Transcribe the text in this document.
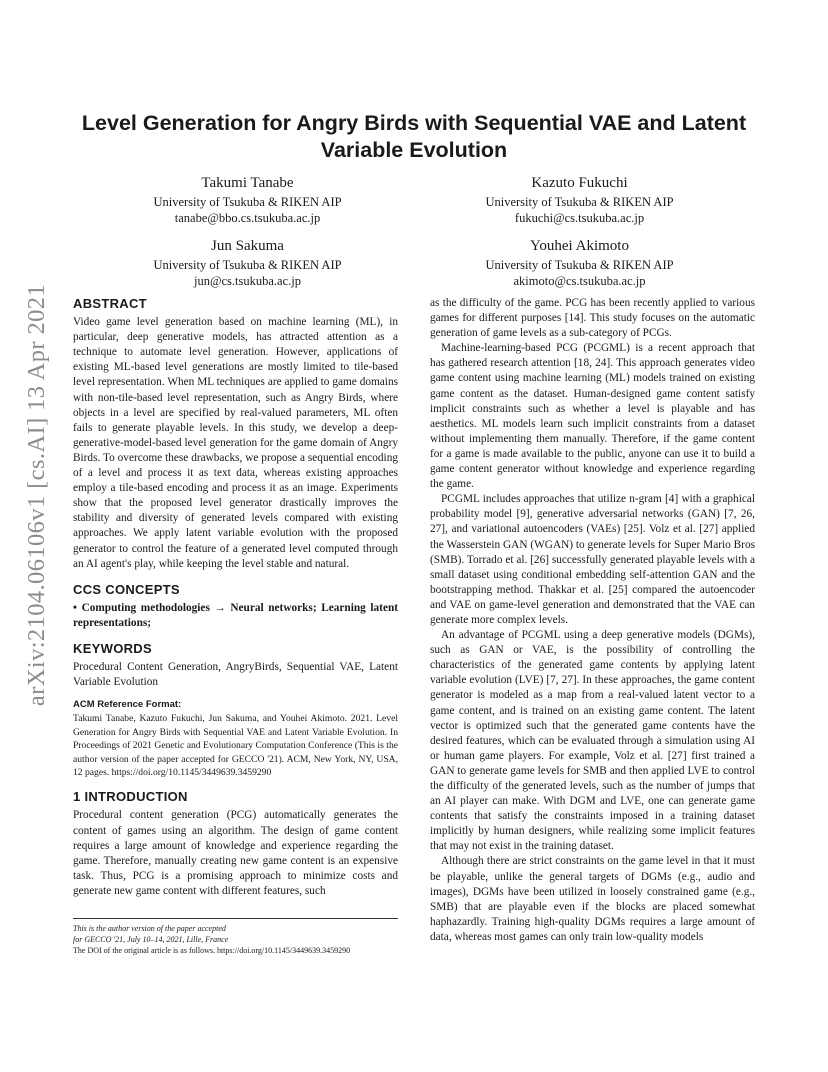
arXiv:2104.06106v1 [cs.AI] 13 Apr 2021
Level Generation for Angry Birds with Sequential VAE and Latent Variable Evolution
Takumi Tanabe
University of Tsukuba & RIKEN AIP
tanabe@bbo.cs.tsukuba.ac.jp
Kazuto Fukuchi
University of Tsukuba & RIKEN AIP
fukuchi@cs.tsukuba.ac.jp
Jun Sakuma
University of Tsukuba & RIKEN AIP
jun@cs.tsukuba.ac.jp
Youhei Akimoto
University of Tsukuba & RIKEN AIP
akimoto@cs.tsukuba.ac.jp
ABSTRACT

Video game level generation based on machine learning (ML), in particular, deep generative models, has attracted attention as a technique to automate level generation. However, applications of existing ML-based level generations are mostly limited to tile-based level representation. When ML techniques are applied to game domains with non-tile-based level representation, such as Angry Birds, where objects in a level are specified by real-valued parameters, ML often fails to generate playable levels. In this study, we develop a deep-generative-model-based level generation for the game domain of Angry Birds. To overcome these drawbacks, we propose a sequential encoding of a level and process it as text data, whereas existing approaches employ a tile-based encoding and process it as an image. Experiments show that the proposed level generator drastically improves the stability and diversity of generated levels compared with existing approaches. We apply latent variable evolution with the proposed generator to control the feature of a generated level computed through an AI agent's play, while keeping the level stable and natural.

CCS CONCEPTS

• Computing methodologies → Neural networks; Learning latent representations;

KEYWORDS

Procedural Content Generation, AngryBirds, Sequential VAE, Latent Variable Evolution

ACM Reference Format:

Takumi Tanabe, Kazuto Fukuchi, Jun Sakuma, and Youhei Akimoto. 2021. Level Generation for Angry Birds with Sequential VAE and Latent Variable Evolution. In Proceedings of 2021 Genetic and Evolutionary Computation Conference (This is the author version of the paper accepted for GECCO '21). ACM, New York, NY, USA, 12 pages. https://doi.org/10.1145/3449639.3459290

1 INTRODUCTION

Procedural content generation (PCG) automatically generates the content of games using an algorithm. The design of game content requires a large amount of knowledge and experience regarding the game. Therefore, manually creating new game content is an expensive task. Thus, PCG is a promising approach to minimize costs and generate new game content with different features, such

This is the author version of the paper accepted
for GECCO '21, July 10–14, 2021, Lille, France
The DOI of the original article is as follows. https://doi.org/10.1145/3449639.3459290

as the difficulty of the game. PCG has been recently applied to various games for different purposes [14]. This study focuses on the automatic generation of game levels as a sub-category of PCGs.

Machine-learning-based PCG (PCGML) is a recent approach that has gathered research attention [18, 24]. This approach generates video game content using machine learning (ML) models trained on existing game content as the dataset. Human-designed game content satisfy implicit constraints such as whether a level is playable and has aesthetics. ML models learn such implicit constraints from a dataset without implementing them manually. Therefore, if the game content for a game is made available to the public, anyone can use it to build a game content generator without knowledge and experience regarding the game.

PCGML includes approaches that utilize n-gram [4] with a graphical probability model [9], generative adversarial networks (GAN) [7, 26, 27], and variational autoencoders (VAEs) [25]. Volz et al. [27] applied the Wasserstein GAN (WGAN) to generate levels for Super Mario Bros (SMB). Torrado et al. [26] successfully generated playable levels with a small dataset using conditional embedding self-attention GAN and the bootstrapping method. Thakkar et al. [25] compared the autoencoder and VAE on game-level generation and demonstrated that the VAE can generate more complex levels.

An advantage of PCGML using a deep generative models (DGMs), such as GAN or VAE, is the possibility of controlling the characteristics of the generated game contents by applying latent variable evolution (LVE) [7, 27]. In these approaches, the game content generator is modeled as a map from a real-valued latent vector to a game content, and is trained on an existing game content. The latent vector is optimized such that the generated game contents have the desired features, which can be evaluated through a simulation using AI or human game players. For example, Volz et al. [27] first trained a GAN to generate game levels for SMB and then applied LVE to control the difficulty of the generated levels, such as the number of jumps that an AI player can make. With DGM and LVE, one can generate game contents that satisfy the constraints imposed in a training dataset implicitly by human designers, while realizing some implicit features that may not exist in the training dataset.

Although there are strict constraints on the game level in that it must be playable, unlike the general targets of DGMs (e.g., audio and images), DGMs have been utilized in loosely constrained game (e.g., SMB) that are playable even if the blocks are placed somewhat haphazardly. Training high-quality DGMs requires a large amount of data, whereas most games can only train low-quality models
